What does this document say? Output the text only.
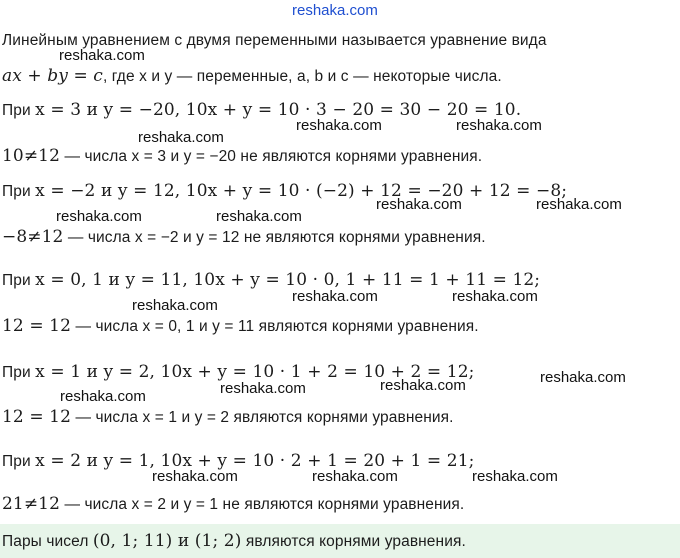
reshaka.com
Линейным уравнением с двумя переменными называется уравнение вида
ax + by = c, где x и y — переменные, a, b и c — некоторые числа.
При x = 3 и y = −20, 10x + y = 10 · 3 − 20 = 30 − 20 = 10.
10≠12 — числа x = 3 и y = −20 не являются корнями уравнения.
При x = −2 и y = 12, 10x + y = 10 · (−2) + 12 = −20 + 12 = −8;
−8≠12 — числа x = −2 и y = 12 не являются корнями уравнения.
При x = 0, 1 и y = 11, 10x + y = 10 · 0, 1 + 11 = 1 + 11 = 12;
12 = 12 — числа x = 0, 1 и y = 11 являются корнями уравнения.
При x = 1 и y = 2, 10x + y = 10 · 1 + 2 = 10 + 2 = 12;
12 = 12 — числа x = 1 и y = 2 являются корнями уравнения.
При x = 2 и y = 1, 10x + y = 10 · 2 + 1 = 20 + 1 = 21;
21≠12 — числа x = 2 и y = 1 не являются корнями уравнения.
Пары чисел (0, 1; 11) и (1; 2) являются корнями уравнения.
reshaka.com
reshaka.com
reshaka.com	reshaka.com
reshaka.com	reshaka.com
reshaka.com	reshaka.com
reshaka.com	reshaka.com
reshaka.com
reshaka.com
reshaka.com	reshaka.com
reshaka.com
reshaka.com	reshaka.com	reshaka.com
